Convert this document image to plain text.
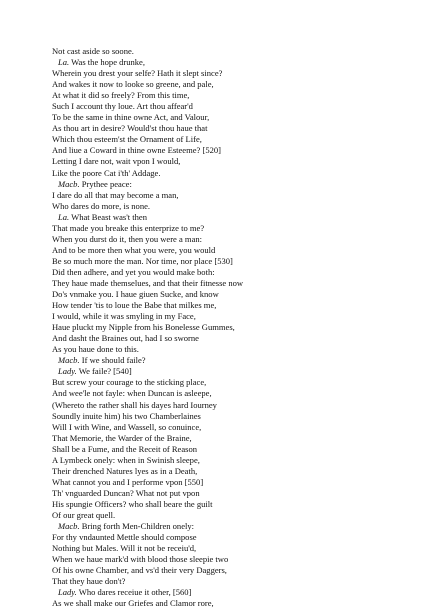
Not cast aside so soone.
La. Was the hope drunke,
Wherein you drest your selfe? Hath it slept since?
And wakes it now to looke so greene, and pale,
At what it did so freely? From this time,
Such I account thy loue. Art thou affear'd
To be the same in thine owne Act, and Valour,
As thou art in desire? Would'st thou haue that
Which thou esteem'st the Ornament of Life,
And liue a Coward in thine owne Esteeme? [520]
Letting I dare not, wait vpon I would,
Like the poore Cat i'th' Addage.
Macb. Prythee peace:
I dare do all that may become a man,
Who dares do more, is none.
La. What Beast was't then
That made you breake this enterprize to me?
When you durst do it, then you were a man:
And to be more then what you were, you would
Be so much more the man. Nor time, nor place [530]
Did then adhere, and yet you would make both:
They haue made themselues, and that their fitnesse now
Do's vnmake you. I haue giuen Sucke, and know
How tender 'tis to loue the Babe that milkes me,
I would, while it was smyling in my Face,
Haue pluckt my Nipple from his Bonelesse Gummes,
And dasht the Braines out, had I so sworne
As you haue done to this.
Macb. If we should faile?
Lady. We faile? [540]
But screw your courage to the sticking place,
And wee'le not fayle: when Duncan is asleepe,
(Whereto the rather shall his dayes hard Iourney
Soundly inuite him) his two Chamberlaines
Will I with Wine, and Wassell, so conuince,
That Memorie, the Warder of the Braine,
Shall be a Fume, and the Receit of Reason
A Lymbeck onely: when in Swinish sleepe,
Their drenched Natures lyes as in a Death,
What cannot you and I performe vpon [550]
Th' vnguarded Duncan? What not put vpon
His spungie Officers? who shall beare the guilt
Of our great quell.
Macb. Bring forth Men-Children onely:
For thy vndaunted Mettle should compose
Nothing but Males. Will it not be receiu'd,
When we haue mark'd with blood those sleepie two
Of his owne Chamber, and vs'd their very Daggers,
That they haue don't?
Lady. Who dares receiue it other, [560]
As we shall make our Griefes and Clamor rore,
